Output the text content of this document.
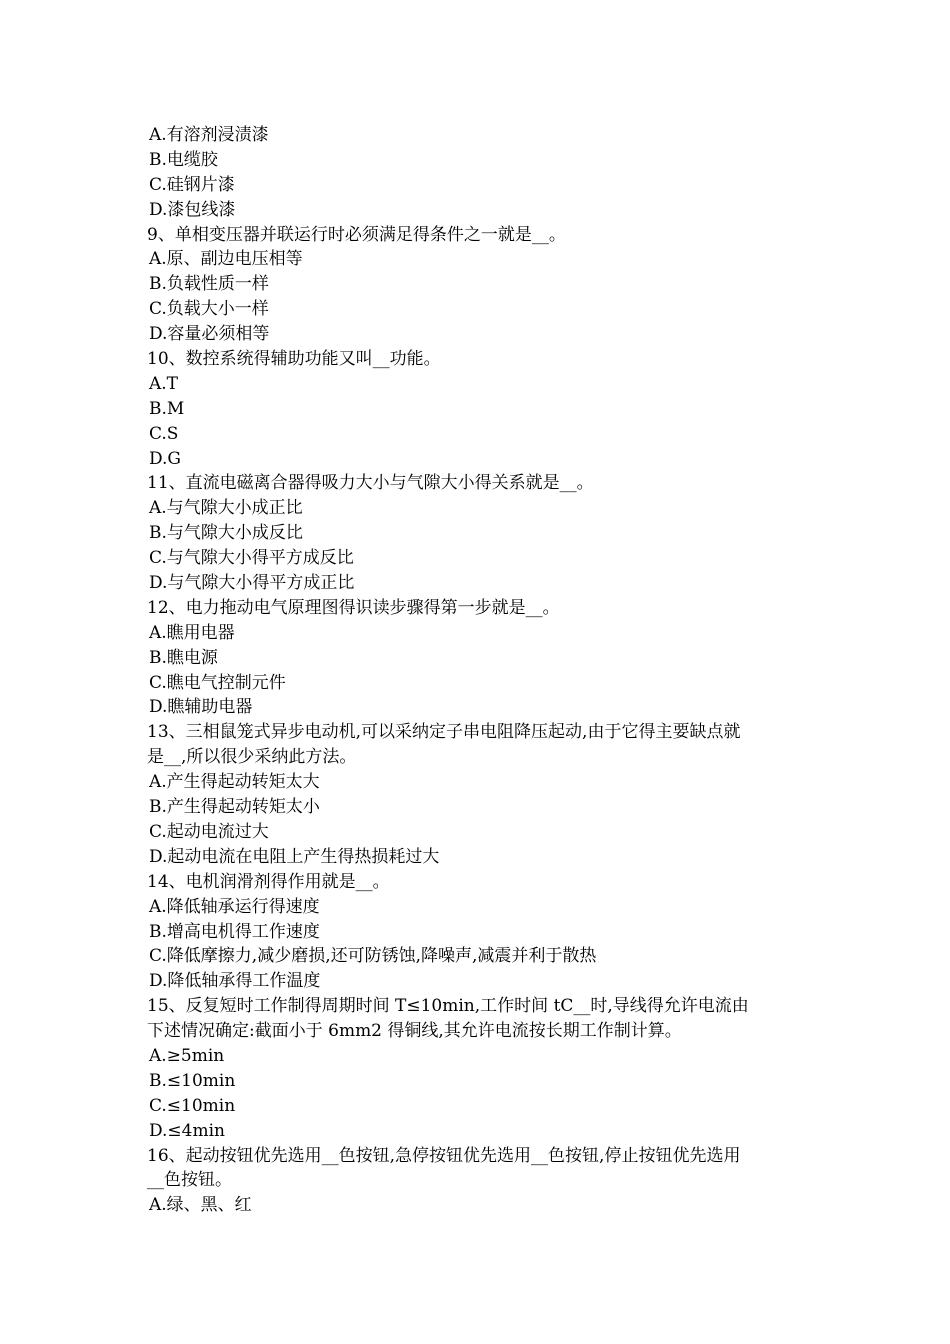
A.有溶剂浸渍漆
B.电缆胶
C.硅钢片漆
D.漆包线漆
9、单相变压器并联运行时必须满足得条件之一就是__。
A.原、副边电压相等
B.负载性质一样
C.负载大小一样
D.容量必须相等
10、数控系统得辅助功能又叫__功能。
A.T
B.M
C.S
D.G
11、直流电磁离合器得吸力大小与气隙大小得关系就是__。
A.与气隙大小成正比
B.与气隙大小成反比
C.与气隙大小得平方成反比
D.与气隙大小得平方成正比
12、电力拖动电气原理图得识读步骤得第一步就是__。
A.瞧用电器
B.瞧电源
C.瞧电气控制元件
D.瞧辅助电器
13、三相鼠笼式异步电动机,可以采纳定子串电阻降压起动,由于它得主要缺点就
是__,所以很少采纳此方法。
A.产生得起动转矩太大
B.产生得起动转矩太小
C.起动电流过大
D.起动电流在电阻上产生得热损耗过大
14、电机润滑剂得作用就是__。
A.降低轴承运行得速度
B.增高电机得工作速度
C.降低摩擦力,减少磨损,还可防锈蚀,降噪声,减震并利于散热
D.降低轴承得工作温度
15、反复短时工作制得周期时间 T≤10min,工作时间 tC__时,导线得允许电流由
下述情况确定:截面小于 6mm2 得铜线,其允许电流按长期工作制计算。
A.≥5min
B.≤10min
C.≤10min
D.≤4min
16、起动按钮优先选用__色按钮,急停按钮优先选用__色按钮,停止按钮优先选用
__色按钮。
A.绿、黑、红
